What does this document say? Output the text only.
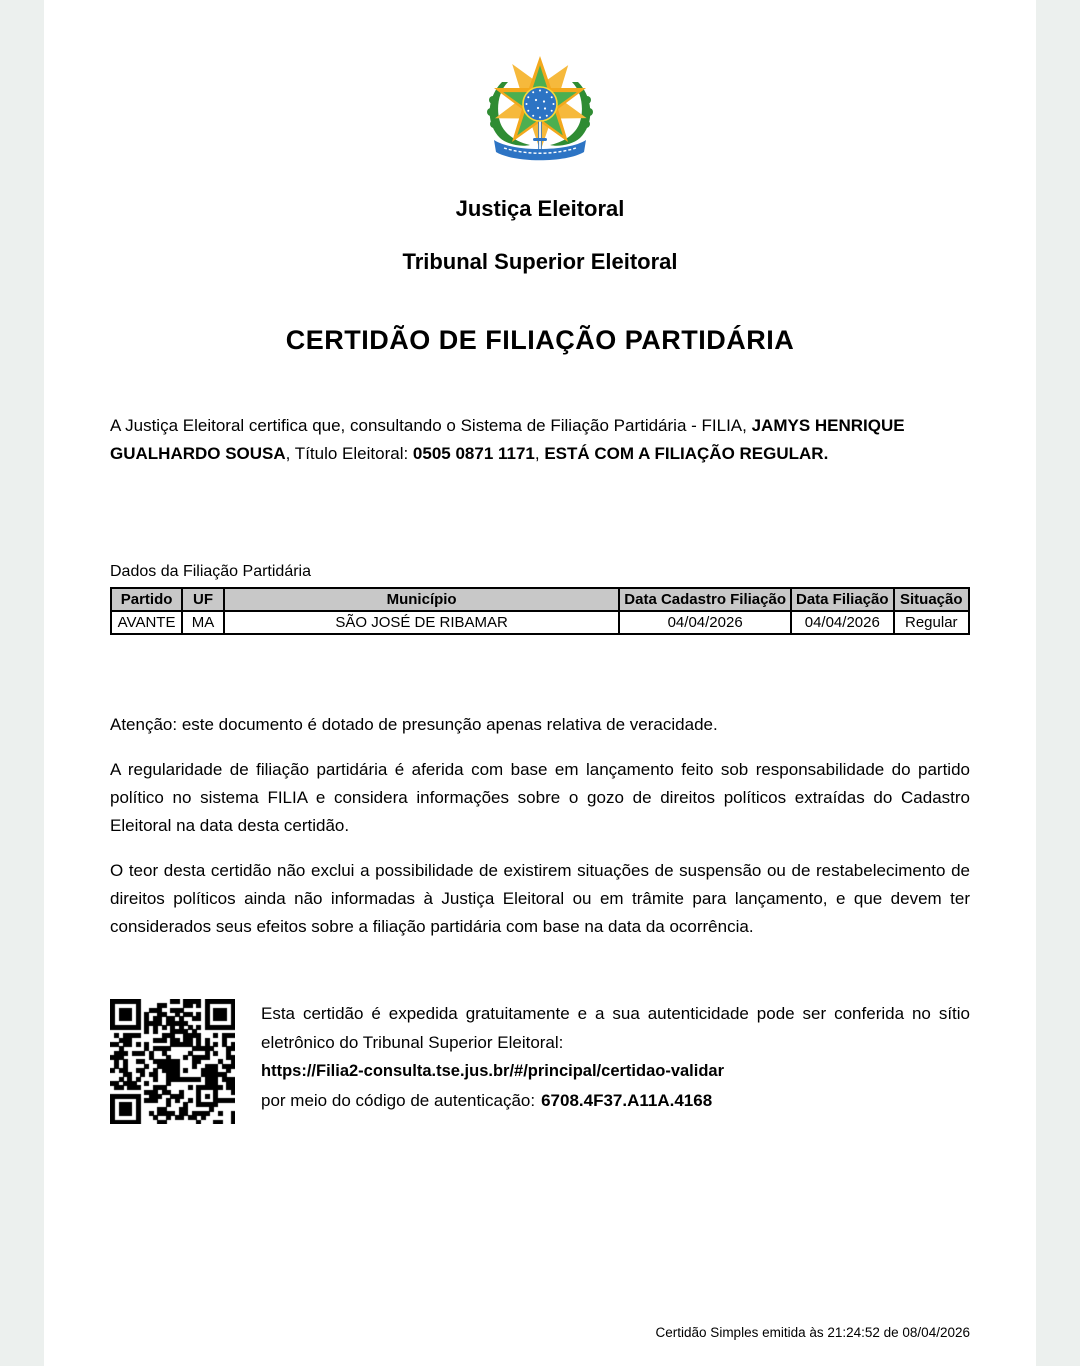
Justiça Eleitoral
Tribunal Superior Eleitoral
CERTIDÃO DE FILIAÇÃO PARTIDÁRIA

A Justiça Eleitoral certifica que, consultando o Sistema de Filiação Partidária - FILIA, JAMYS HENRIQUE GUALHARDO SOUSA, Título Eleitoral: 0505 0871 1171, ESTÁ COM A FILIAÇÃO REGULAR.

Dados da Filiação Partidária
Partido	UF	Município	Data Cadastro Filiação	Data Filiação	Situação
AVANTE	MA	SÃO JOSÉ DE RIBAMAR	04/04/2026	04/04/2026	Regular

Atenção: este documento é dotado de presunção apenas relativa de veracidade.

A regularidade de filiação partidária é aferida com base em lançamento feito sob responsabilidade do partido político no sistema FILIA e considera informações sobre o gozo de direitos políticos extraídas do Cadastro Eleitoral na data desta certidão.

O teor desta certidão não exclui a possibilidade de existirem situações de suspensão ou de restabelecimento de direitos políticos ainda não informadas à Justiça Eleitoral ou em trâmite para lançamento, e que devem ter considerados seus efeitos sobre a filiação partidária com base na data da ocorrência.

Esta certidão é expedida gratuitamente e a sua autenticidade pode ser conferida no sítio eletrônico do Tribunal Superior Eleitoral:
https://Filia2-consulta.tse.jus.br/#/principal/certidao-validar
por meio do código de autenticação: 6708.4F37.A11A.4168
Certidão Simples emitida às 21:24:52 de 08/04/2026
